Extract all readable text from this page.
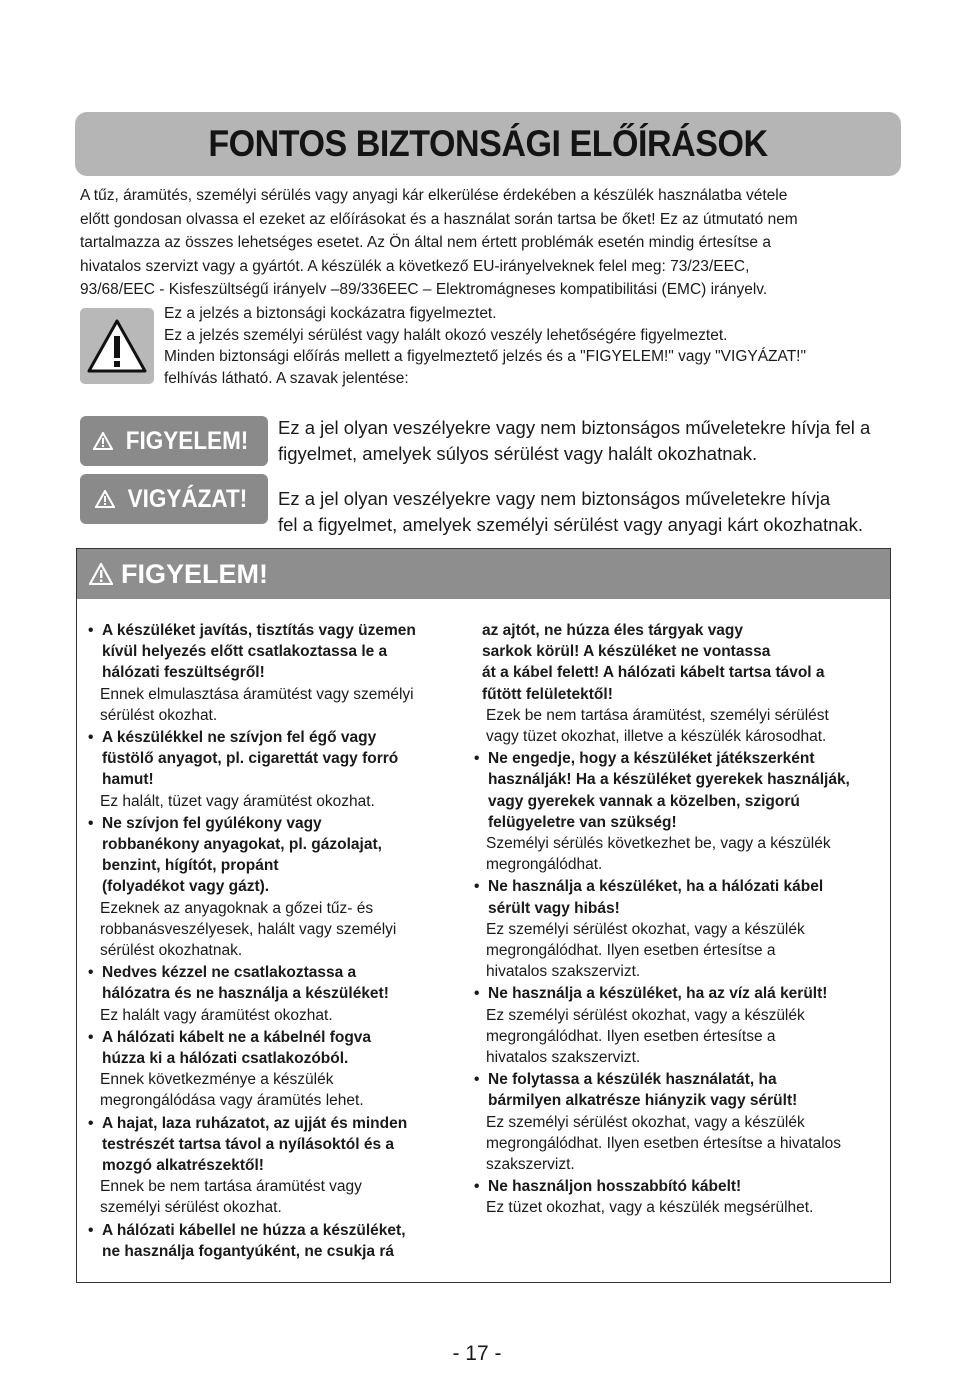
FONTOS BIZTONSÁGI ELŐÍRÁSOK

A tűz, áramütés, személyi sérülés vagy anyagi kár elkerülése érdekében a készülék használatba vétele

előtt gondosan olvassa el ezeket az előírásokat és a használat során tartsa be őket! Ez az útmutató nem

tartalmazza az összes lehetséges esetet. Az Ön által nem értett problémák esetén mindig értesítse a

hivatalos szervizt vagy a gyártót. A készülék a következő EU-irányelveknek felel meg: 73/23/EEC,

93/68/EEC - Kisfeszültségű irányelv –89/336EEC – Elektromágneses kompatibilitási (EMC) irányelv.

Ez a jelzés a biztonsági kockázatra figyelmeztet.

Ez a jelzés személyi sérülést vagy halált okozó veszély lehetőségére figyelmeztet.

Minden biztonsági előírás mellett a figyelmeztető jelzés és a "FIGYELEM!" vagy "VIGYÁZAT!"

felhívás látható. A szavak jelentése:

FIGYELEM! Ez a jel olyan veszélyekre vagy nem biztonságos műveletekre hívja fel a

figyelmet, amelyek súlyos sérülést vagy halált okozhatnak.

VIGYÁZAT! Ez a jel olyan veszélyekre vagy nem biztonságos műveletekre hívja

fel a figyelmet, amelyek személyi sérülést vagy anyagi kárt okozhatnak.

FIGYELEM!
• A készüléket javítás, tisztítás vagy üzemen
kívül helyezés előtt csatlakoztassa le a
hálózati feszültségről!
Ennek elmulasztása áramütést vagy személyi
sérülést okozhat.
• A készülékkel ne szívjon fel égő vagy
füstölő anyagot, pl. cigarettát vagy forró
hamut!
Ez halált, tüzet vagy áramütést okozhat.
• Ne szívjon fel gyúlékony vagy
robbanékony anyagokat, pl. gázolajat,
benzint, hígítót, propánt
(folyadékot vagy gázt).
Ezeknek az anyagoknak a gőzei tűz- és
robbanásveszélyesek, halált vagy személyi
sérülést okozhatnak.
• Nedves kézzel ne csatlakoztassa a
hálózatra és ne használja a készüléket!
Ez halált vagy áramütést okozhat.
• A hálózati kábelt ne a kábelnél fogva
húzza ki a hálózati csatlakozóból.
Ennek következménye a készülék
megrongálódása vagy áramütés lehet.
• A hajat, laza ruházatot, az ujját és minden
testrészét tartsa távol a nyílásoktól és a
mozgó alkatrészektől!
Ennek be nem tartása áramütést vagy
személyi sérülést okozhat.
• A hálózati kábellel ne húzza a készüléket,
ne használja fogantyúként, ne csukja rá
az ajtót, ne húzza éles tárgyak vagy
sarkok körül! A készüléket ne vontassa
át a kábel felett! A hálózati kábelt tartsa távol a
fűtött felületektől!
Ezek be nem tartása áramütést, személyi sérülést
vagy tüzet okozhat, illetve a készülék károsodhat.
• Ne engedje, hogy a készüléket játékszerként
használják! Ha a készüléket gyerekek használják,
vagy gyerekek vannak a közelben, szigorú
felügyeletre van szükség!
Személyi sérülés következhet be, vagy a készülék
megrongálódhat.
• Ne használja a készüléket, ha a hálózati kábel
sérült vagy hibás!
Ez személyi sérülést okozhat, vagy a készülék
megrongálódhat. Ilyen esetben értesítse a
hivatalos szakszervizt.
• Ne használja a készüléket, ha az víz alá került!
Ez személyi sérülést okozhat, vagy a készülék
megrongálódhat. Ilyen esetben értesítse a
hivatalos szakszervizt.
• Ne folytassa a készülék használatát, ha
bármilyen alkatrésze hiányzik vagy sérült!
Ez személyi sérülést okozhat, vagy a készülék
megrongálódhat. Ilyen esetben értesítse a hivatalos
szakszervizt.
• Ne használjon hosszabbító kábelt!
Ez tüzet okozhat, vagy a készülék megsérülhet.
- 17 -
